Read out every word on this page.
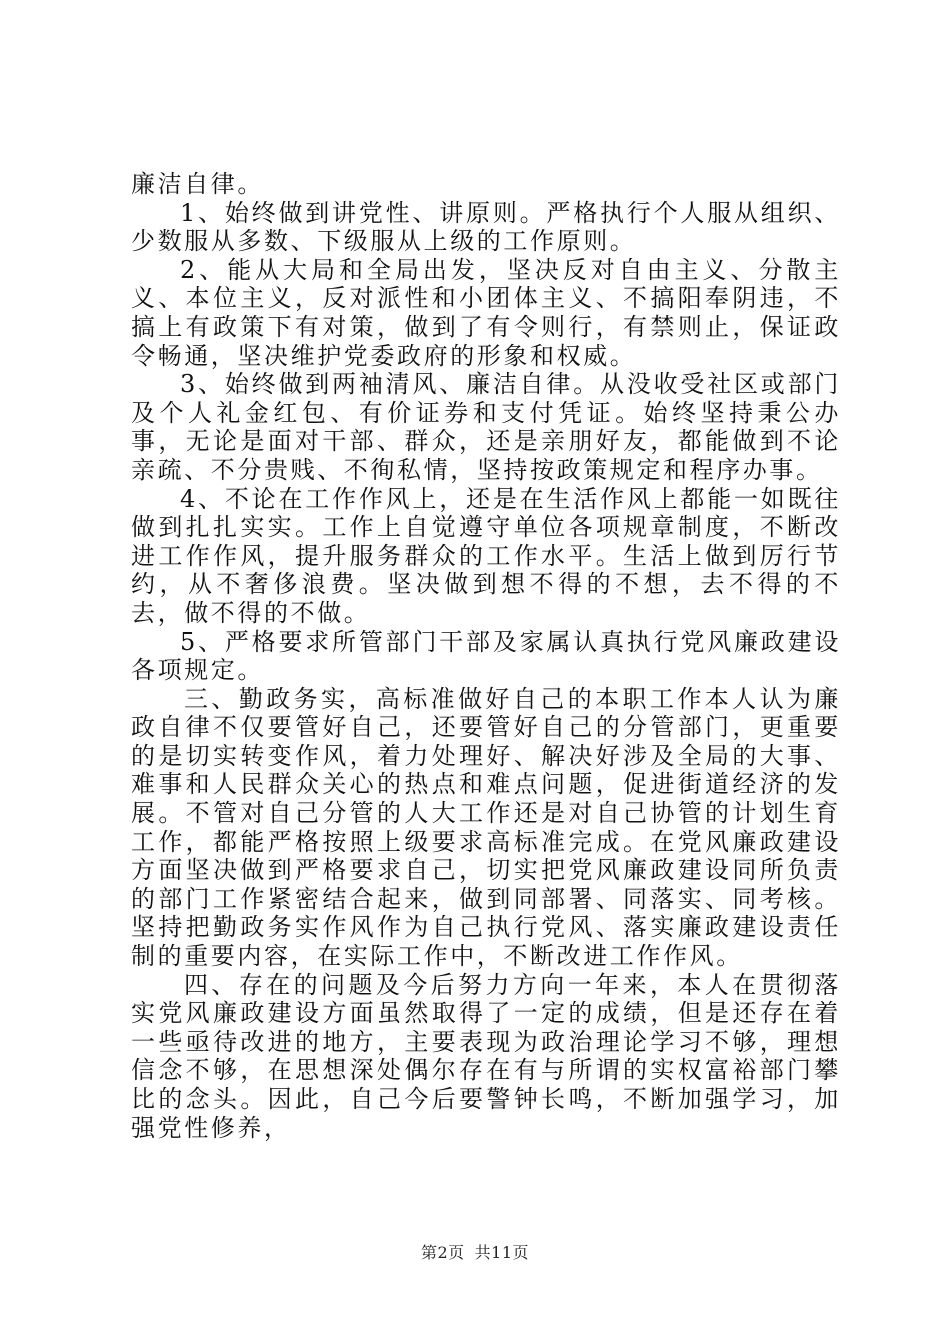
廉洁自律。

1、始终做到讲党性、讲原则。严格执行个人服从组织、少数服从多数、下级服从上级的工作原则。

2、能从大局和全局出发，坚决反对自由主义、分散主义、本位主义，反对派性和小团体主义、不搞阳奉阴违，不搞上有政策下有对策，做到了有令则行，有禁则止，保证政令畅通，坚决维护党委政府的形象和权威。

3、始终做到两袖清风、廉洁自律。从没收受社区或部门及个人礼金红包、有价证券和支付凭证。始终坚持秉公办事，无论是面对干部、群众，还是亲朋好友，都能做到不论亲疏、不分贵贱、不徇私情，坚持按政策规定和程序办事。

4、不论在工作作风上，还是在生活作风上都能一如既往做到扎扎实实。工作上自觉遵守单位各项规章制度，不断改进工作作风，提升服务群众的工作水平。生活上做到厉行节约，从不奢侈浪费。坚决做到想不得的不想，去不得的不去，做不得的不做。

5、严格要求所管部门干部及家属认真执行党风廉政建设各项规定。

三、勤政务实，高标准做好自己的本职工作本人认为廉政自律不仅要管好自己，还要管好自己的分管部门，更重要的是切实转变作风，着力处理好、解决好涉及全局的大事、难事和人民群众关心的热点和难点问题，促进街道经济的发展。不管对自己分管的人大工作还是对自己协管的计划生育工作，都能严格按照上级要求高标准完成。在党风廉政建设方面坚决做到严格要求自己，切实把党风廉政建设同所负责的部门工作紧密结合起来，做到同部署、同落实、同考核。坚持把勤政务实作风作为自己执行党风、落实廉政建设责任制的重要内容，在实际工作中，不断改进工作作风。

四、存在的问题及今后努力方向一年来，本人在贯彻落实党风廉政建设方面虽然取得了一定的成绩，但是还存在着一些亟待改进的地方，主要表现为政治理论学习不够，理想信念不够，在思想深处偶尔存在有与所谓的实权富裕部门攀比的念头。因此，自己今后要警钟长鸣，不断加强学习，加强党性修养，

第2页 共11页
